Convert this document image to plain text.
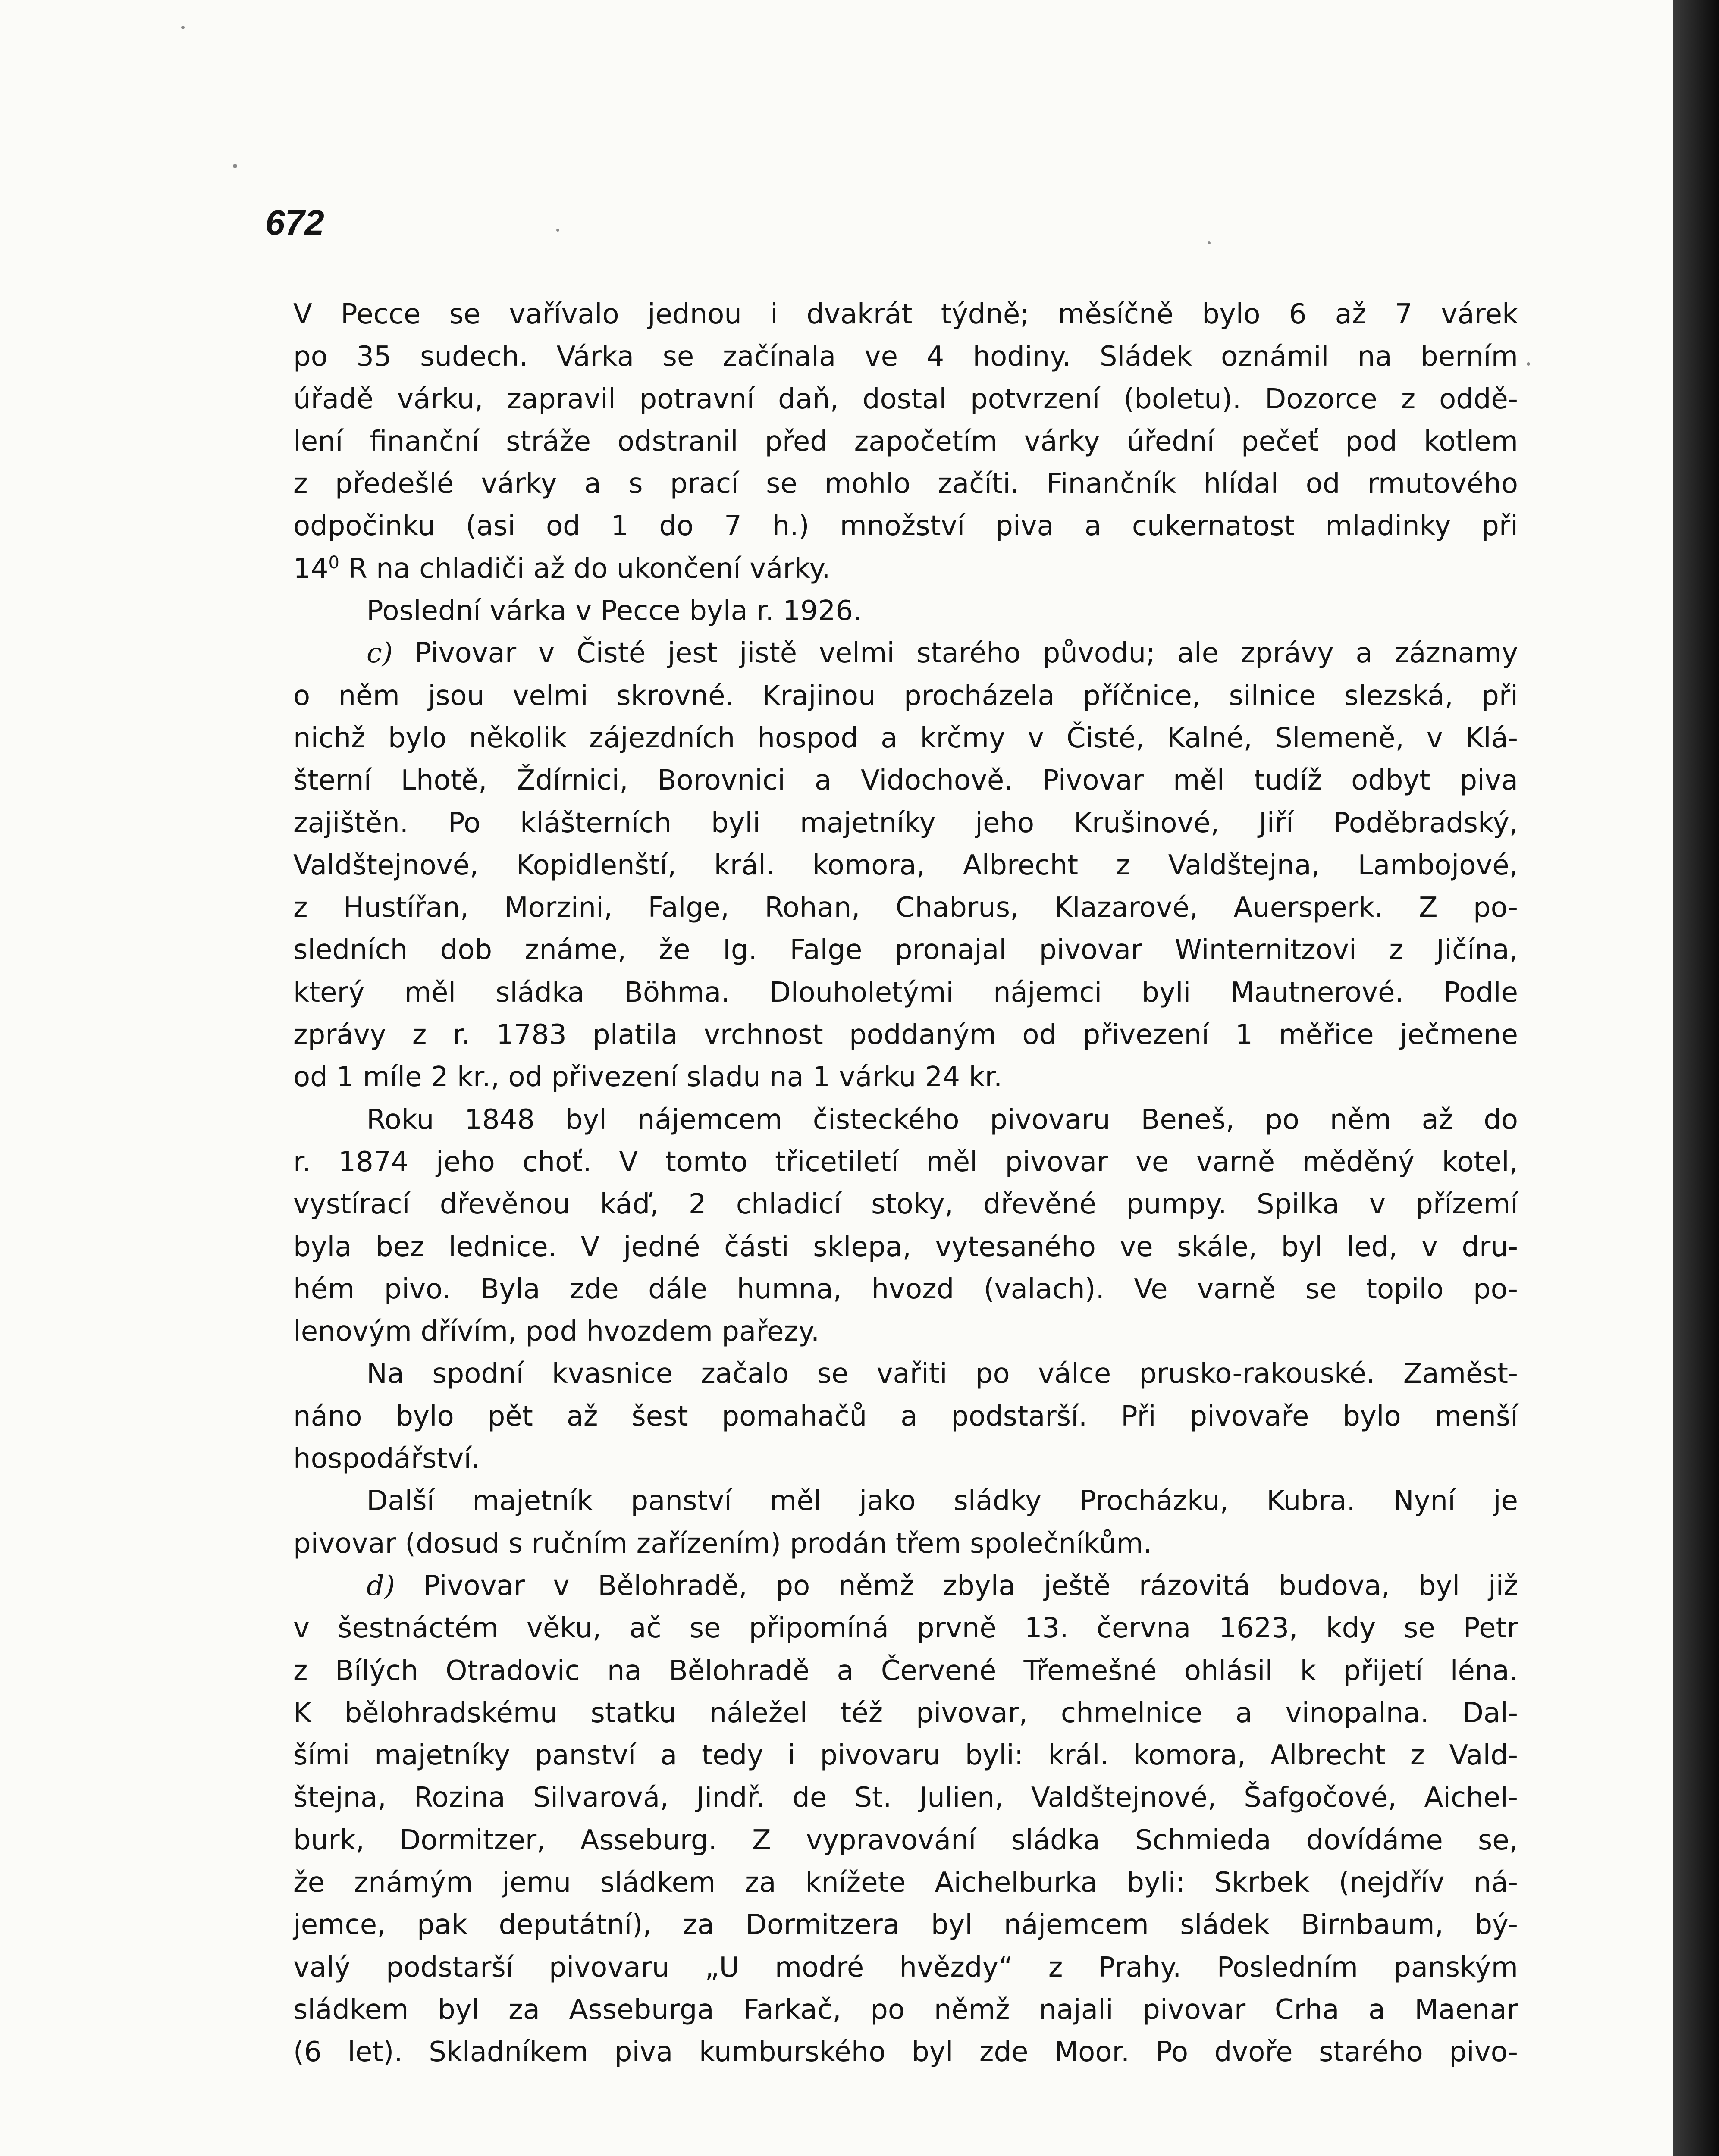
672

V Pecce se vařívalo jednou i dvakrát týdně; měsíčně bylo 6 až 7 várek

po 35 sudech. Várka se začínala ve 4 hodiny. Sládek oznámil na berním

úřadě várku, zapravil potravní daň, dostal potvrzení (boletu). Dozorce z oddě-

lení finanční stráže odstranil před započetím várky úřední pečeť pod kotlem

z předešlé várky a s prací se mohlo začíti. Finančník hlídal od rmutového

odpočinku (asi od 1 do 7 h.) množství piva a cukernatost mladinky při

$14^0$ R na chladiči až do ukončení várky.

Poslední várka v Pecce byla r. 1926.

c) Pivovar v Čisté jest jistě velmi starého původu; ale zprávy a záznamy

o něm jsou velmi skrovné. Krajinou procházela příčnice, silnice slezská, při

nichž bylo několik zájezdních hospod a krčmy v Čisté, Kalné, Slemeně, v Klá-

šterní Lhotě, Ždírnici, Borovnici a Vidochově. Pivovar měl tudíž odbyt piva

zajištěn. Po klášterních byli majetníky jeho Krušinové, Jiří Poděbradský,

Valdštejnové, Kopidlenští, král. komora, Albrecht z Valdštejna, Lambojové,

z Hustířan, Morzini, Falge, Rohan, Chabrus, Klazarové, Auersperk. Z po-

sledních dob známe, že Ig. Falge pronajal pivovar Winternitzovi z Jičína,

který měl sládka Böhma. Dlouholetými nájemci byli Mautnerové. Podle

zprávy z r. 1783 platila vrchnost poddaným od přivezení 1 měřice ječmene

od 1 míle 2 kr., od přivezení sladu na 1 várku 24 kr.

Roku 1848 byl nájemcem čisteckého pivovaru Beneš, po něm až do

r. 1874 jeho choť. V tomto třicetiletí měl pivovar ve varně měděný kotel,

vystírací dřevěnou káď, 2 chladicí stoky, dřevěné pumpy. Spilka v přízemí

byla bez lednice. V jedné části sklepa, vytesaného ve skále, byl led, v dru-

hém pivo. Byla zde dále humna, hvozd (valach). Ve varně se topilo po-

lenovým dřívím, pod hvozdem pařezy.

Na spodní kvasnice začalo se vařiti po válce prusko-rakouské. Zaměst-

náno bylo pět až šest pomahačů a podstarší. Při pivovaře bylo menší

hospodářství.

Další majetník panství měl jako sládky Procházku, Kubra. Nyní je

pivovar (dosud s ručním zařízením) prodán třem společníkům.

d) Pivovar v Bělohradě, po němž zbyla ještě rázovitá budova, byl již

v šestnáctém věku, ač se připomíná prvně 13. června 1623, kdy se Petr

z Bílých Otradovic na Bělohradě a Červené Třemešné ohlásil k přijetí léna.

K bělohradskému statku náležel též pivovar, chmelnice a vinopalna. Dal-

šími majetníky panství a tedy i pivovaru byli: král. komora, Albrecht z Vald-

štejna, Rozina Silvarová, Jindř. de St. Julien, Valdštejnové, Šafgočové, Aichel-

burk, Dormitzer, Asseburg. Z vypravování sládka Schmieda dovídáme se,

že známým jemu sládkem za knížete Aichelburka byli: Skrbek (nejdřív ná-

jemce, pak deputátní), za Dormitzera byl nájemcem sládek Birnbaum, bý-

valý podstarší pivovaru „U modré hvězdy“ z Prahy. Posledním panským

sládkem byl za Asseburga Farkač, po němž najali pivovar Crha a Maenar

(6 let). Skladníkem piva kumburského byl zde Moor. Po dvoře starého pivo-
